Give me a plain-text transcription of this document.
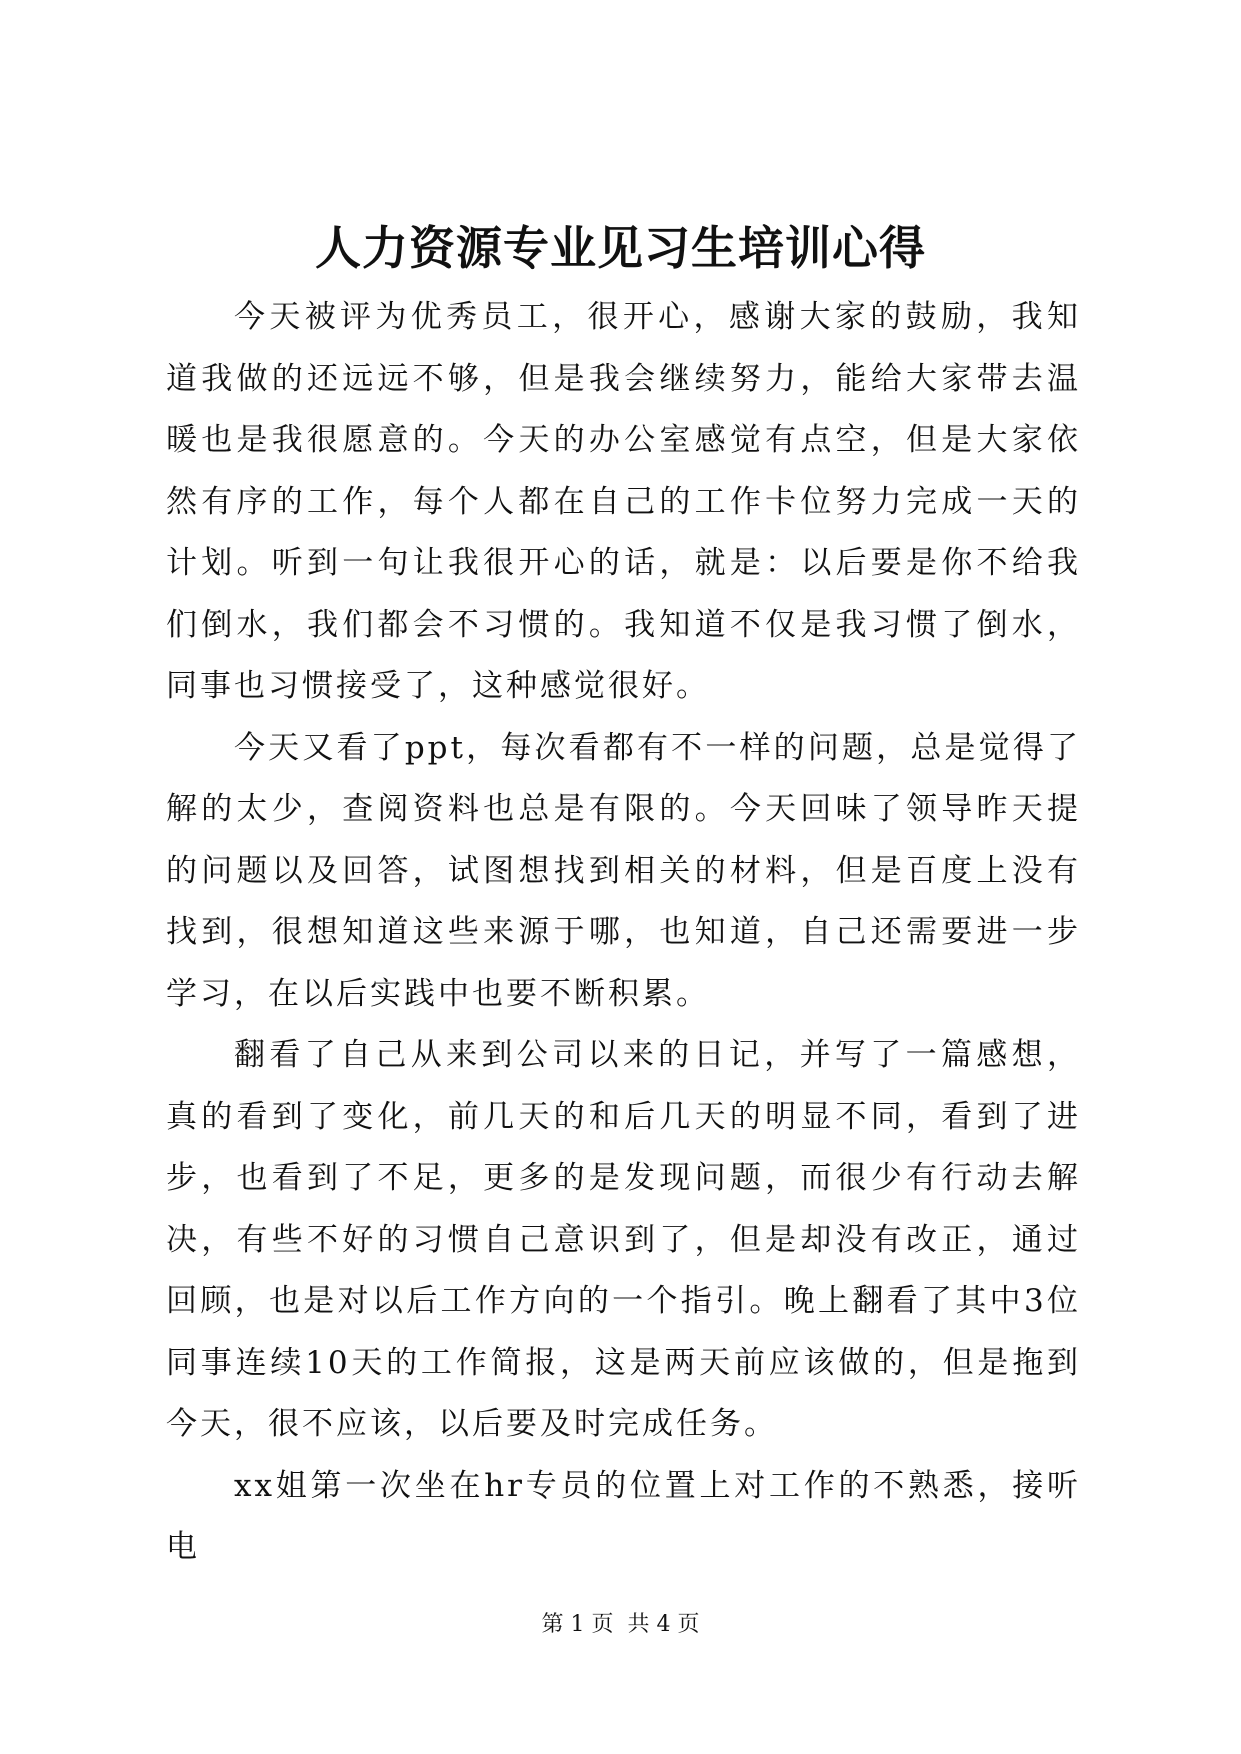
人力资源专业见习生培训心得

今天被评为优秀员工，很开心，感谢大家的鼓励，我知道我做的还远远不够，但是我会继续努力，能给大家带去温暖也是我很愿意的。今天的办公室感觉有点空，但是大家依然有序的工作，每个人都在自己的工作卡位努力完成一天的计划。听到一句让我很开心的话，就是：以后要是你不给我们倒水，我们都会不习惯的。我知道不仅是我习惯了倒水，同事也习惯接受了，这种感觉很好。

今天又看了ppt，每次看都有不一样的问题，总是觉得了解的太少，查阅资料也总是有限的。今天回味了领导昨天提的问题以及回答，试图想找到相关的材料，但是百度上没有找到，很想知道这些来源于哪，也知道，自己还需要进一步学习，在以后实践中也要不断积累。

翻看了自己从来到公司以来的日记，并写了一篇感想，真的看到了变化，前几天的和后几天的明显不同，看到了进步，也看到了不足，更多的是发现问题，而很少有行动去解决，有些不好的习惯自己意识到了，但是却没有改正，通过回顾，也是对以后工作方向的一个指引。晚上翻看了其中3位同事连续10天的工作简报，这是两天前应该做的，但是拖到今天，很不应该，以后要及时完成任务。

xx姐第一次坐在hr专员的位置上对工作的不熟悉，接听电

第 1 页  共 4 页
